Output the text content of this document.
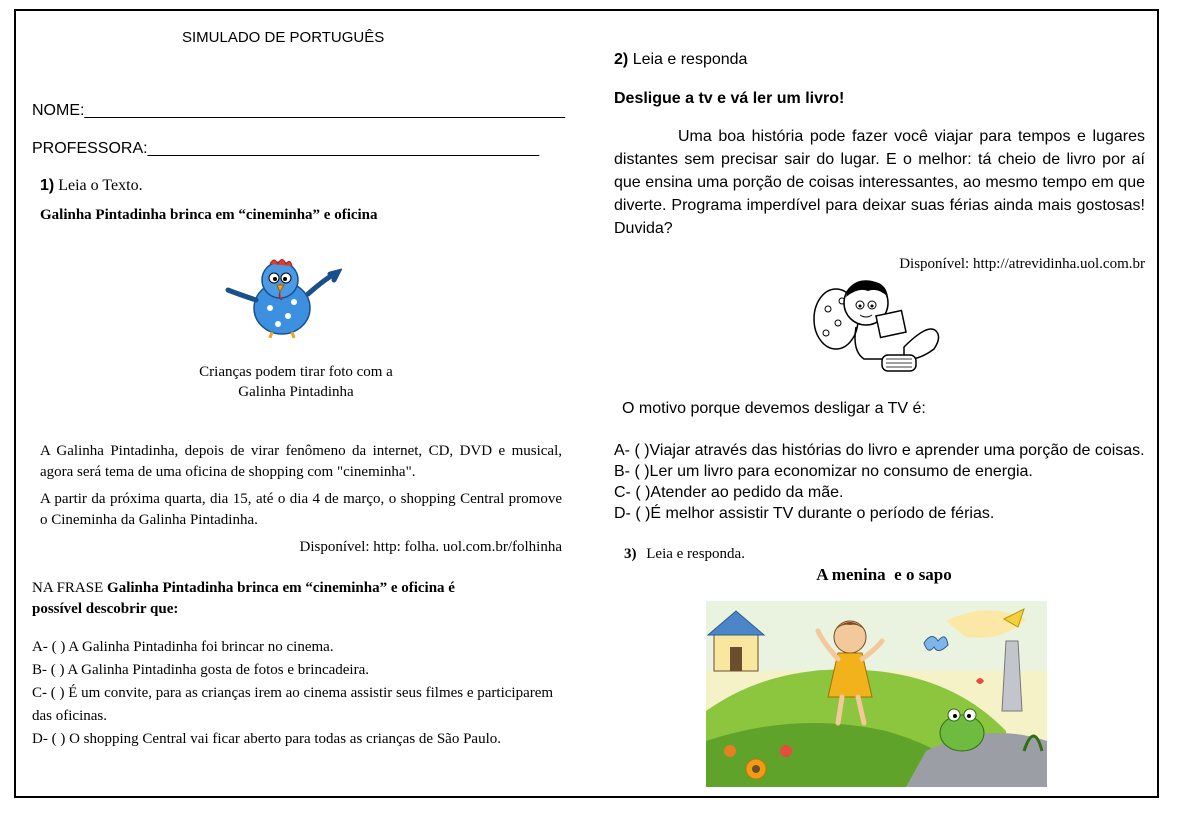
SIMULADO DE PORTUGUÊS
NOME:______________________________________________________
PROFESSORA:____________________________________________
1) Leia o Texto.
Galinha Pintadinha brinca em “cineminha” e oficina
Crianças podem tirar foto com a
Galinha Pintadinha
A Galinha Pintadinha, depois de virar fenômeno da internet, CD, DVD e musical, agora será tema de uma oficina de shopping com "cineminha".
A partir da próxima quarta, dia 15, até o dia 4 de março, o shopping Central promove o Cineminha da Galinha Pintadinha.
Disponível: http: folha. uol.com.br/folhinha
NA FRASE Galinha Pintadinha brinca em “cineminha” e oficina é
possível descobrir que:
A- ( ) A Galinha Pintadinha foi brincar no cinema.
B- ( ) A Galinha Pintadinha gosta de fotos e brincadeira.
C- ( ) É um convite, para as crianças irem ao cinema assistir seus filmes e participarem das oficinas.
D- ( ) O shopping Central vai ficar aberto para todas as crianças de São Paulo.
2) Leia e responda
Desligue a tv e vá ler um livro!
Uma boa história pode fazer você viajar para tempos e lugares distantes sem precisar sair do lugar. E o melhor: tá cheio de livro por aí que ensina uma porção de coisas interessantes, ao mesmo tempo em que diverte. Programa imperdível para deixar suas férias ainda mais gostosas! Duvida?
Disponível: http://atrevidinha.uol.com.br
O motivo porque devemos desligar a TV é:
A- ( )Viajar através das histórias do livro e aprender uma porção de coisas.
B- ( )Ler um livro para economizar no consumo de energia.
C- ( )Atender ao pedido da mãe.
D- ( )É melhor assistir TV durante o período de férias.
3) Leia e responda.
A menina  e o sapo
